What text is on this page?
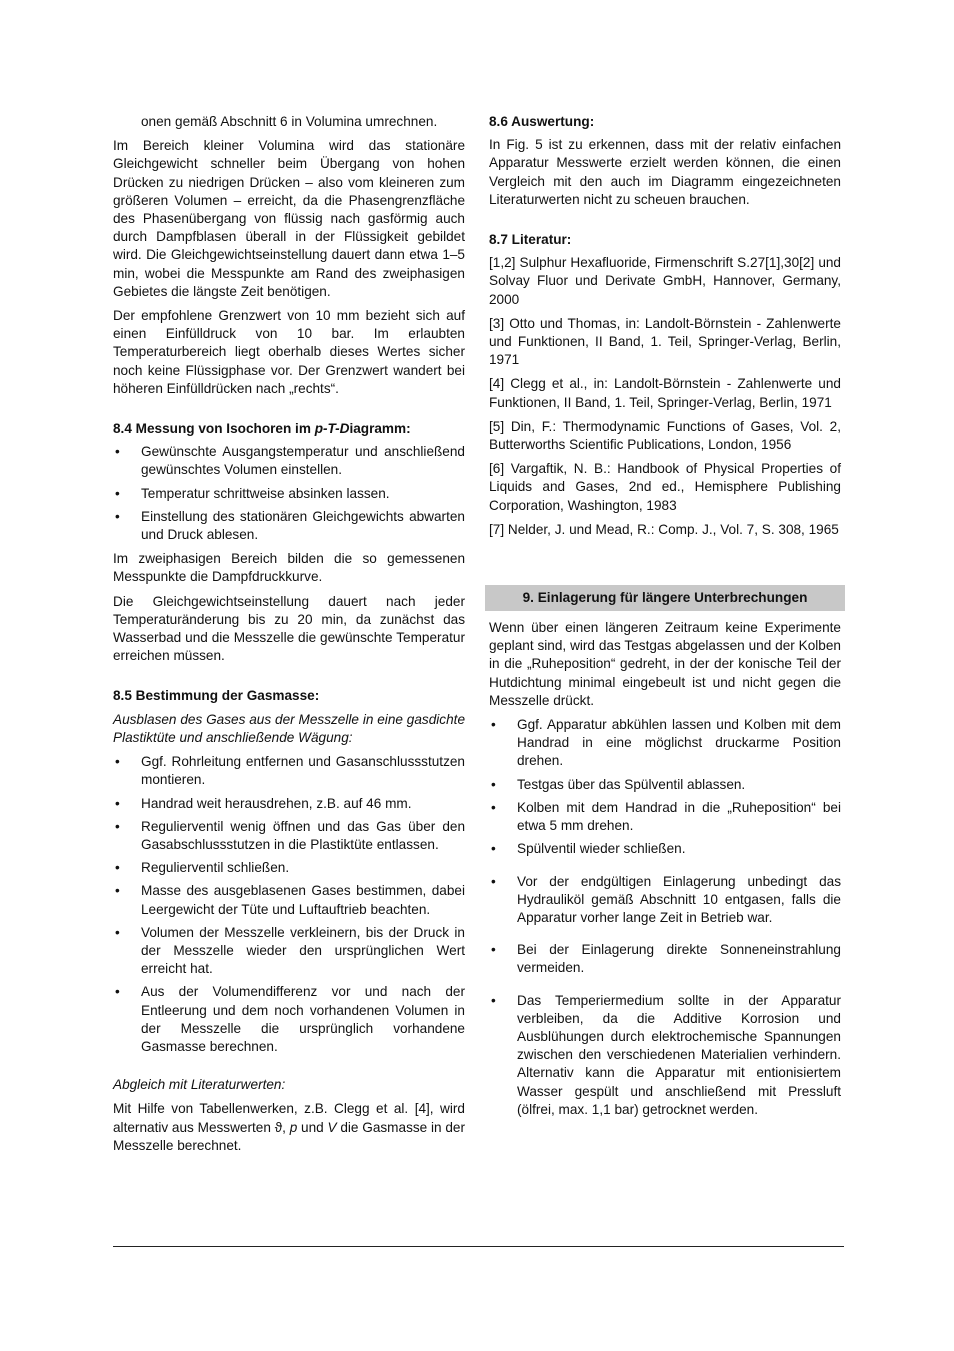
onen gemäß Abschnitt 6 in Volumina umrechnen.

Im Bereich kleiner Volumina wird das stationäre Gleichgewicht schneller beim Übergang von hohen Drücken zu niedrigen Drücken – also vom kleineren zum größeren Volumen – erreicht, da die Phasengrenzfläche des Phasenübergang von flüssig nach gasförmig auch durch Dampfblasen überall in der Flüssigkeit gebildet wird. Die Gleichgewichtseinstellung dauert dann etwa 1–5 min, wobei die Messpunkte am Rand des zweiphasigen Gebietes die längste Zeit benötigen.

Der empfohlene Grenzwert von 10 mm bezieht sich auf einen Einfülldruck von 10 bar. Im erlaubten Temperaturbereich liegt oberhalb dieses Wertes sicher noch keine Flüssigphase vor. Der Grenzwert wandert bei höheren Einfülldrücken nach „rechts“.

8.4 Messung von Isochoren im p-T-Diagramm:
• Gewünschte Ausgangstemperatur und anschließend gewünschtes Volumen einstellen.
• Temperatur schrittweise absinken lassen.
• Einstellung des stationären Gleichgewichts abwarten und Druck ablesen.

Im zweiphasigen Bereich bilden die so gemessenen Messpunkte die Dampfdruckkurve.

Die Gleichgewichtseinstellung dauert nach jeder Temperaturänderung bis zu 20 min, da zunächst das Wasserbad und die Messzelle die gewünschte Temperatur erreichen müssen.

8.5 Bestimmung der Gasmasse:

Ausblasen des Gases aus der Messzelle in eine gasdichte Plastiktüte und anschließende Wägung:

• Ggf. Rohrleitung entfernen und Gasanschlussstutzen montieren.
• Handrad weit herausdrehen, z.B. auf 46 mm.
• Regulierventil wenig öffnen und das Gas über den Gasabschlussstutzen in die Plastiktüte entlassen.
• Regulierventil schließen.
• Masse des ausgeblasenen Gases bestimmen, dabei Leergewicht der Tüte und Luftauftrieb beachten.
• Volumen der Messzelle verkleinern, bis der Druck in der Messzelle wieder den ursprünglichen Wert erreicht hat.
• Aus der Volumendifferenz vor und nach der Entleerung und dem noch vorhandenen Volumen in der Messzelle die ursprünglich vorhandene Gasmasse berechnen.

Abgleich mit Literaturwerten:

Mit Hilfe von Tabellenwerken, z.B. Clegg et al. [4], wird alternativ aus Messwerten ϑ, p und V die Gasmasse in der Messzelle berechnet.

8.6 Auswertung:

In Fig. 5 ist zu erkennen, dass mit der relativ einfachen Apparatur Messwerte erzielt werden können, die einen Vergleich mit den auch im Diagramm eingezeichneten Literaturwerten nicht zu scheuen brauchen.

8.7 Literatur:

[1,2] Sulphur Hexafluoride, Firmenschrift S.27[1],30[2] und Solvay Fluor und Derivate GmbH, Hannover, Germany, 2000

[3] Otto und Thomas, in: Landolt-Börnstein - Zahlenwerte und Funktionen, II Band, 1. Teil, Springer-Verlag, Berlin, 1971

[4] Clegg et al., in: Landolt-Börnstein - Zahlenwerte und Funktionen, II Band, 1. Teil, Springer-Verlag, Berlin, 1971

[5] Din, F.: Thermodynamic Functions of Gases, Vol. 2, Butterworths Scientific Publications, London, 1956

[6] Vargaftik, N. B.: Handbook of Physical Properties of Liquids and Gases, 2nd ed., Hemisphere Publishing Corporation, Washington, 1983

[7] Nelder, J. und Mead, R.: Comp. J., Vol. 7, S. 308, 1965

9. Einlagerung für längere Unterbrechungen

Wenn über einen längeren Zeitraum keine Experimente geplant sind, wird das Testgas abgelassen und der Kolben in die „Ruheposition“ gedreht, in der der konische Teil der Hutdichtung minimal eingebeult ist und nicht gegen die Messzelle drückt.

• Ggf. Apparatur abkühlen lassen und Kolben mit dem Handrad in eine möglichst druckarme Position drehen.
• Testgas über das Spülventil ablassen.
• Kolben mit dem Handrad in die „Ruheposition“ bei etwa 5 mm drehen.
• Spülventil wieder schließen.
• Vor der endgültigen Einlagerung unbedingt das Hydrauliköl gemäß Abschnitt 10 entgasen, falls die Apparatur vorher lange Zeit in Betrieb war.
• Bei der Einlagerung direkte Sonneneinstrahlung vermeiden.
• Das Temperiermedium sollte in der Apparatur verbleiben, da die Additive Korrosion und Ausblühungen durch elektrochemische Spannungen zwischen den verschiedenen Materialien verhindern. Alternativ kann die Apparatur mit entionisiertem Wasser gespült und anschließend mit Pressluft (ölfrei, max. 1,1 bar) getrocknet werden.
